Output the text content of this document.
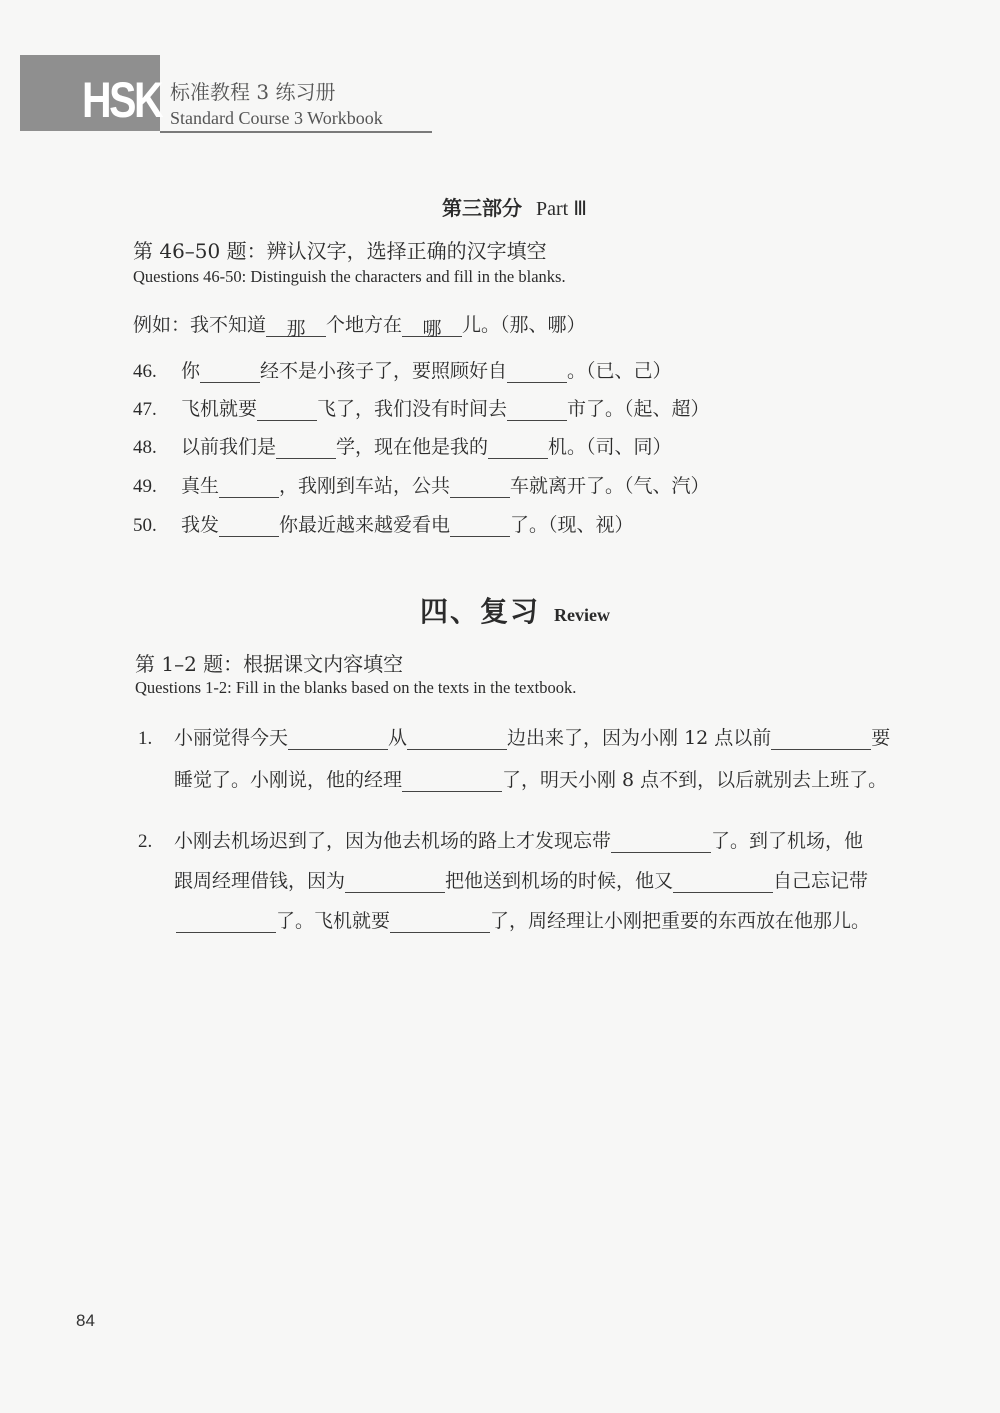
HSK 标准教程 3 练习册
Standard Course 3 Workbook
第三部分 Part Ⅲ
第 46–50 题：辨认汉字，选择正确的汉字填空
Questions 46-50: Distinguish the characters and fill in the blanks.
例如：我不知道 那 个地方在 哪 儿。（那、哪）
46. 你	经不是小孩子了，要照顾好自	。（已、己）
47. 飞机就要	飞了，我们没有时间去	市了。（起、超）
48. 以前我们是	学，现在他是我的	机。（司、同）
49. 真生	，我刚到车站，公共	车就离开了。（气、汽）
50. 我发	你最近越来越爱看电	了。（现、视）
四、复习 Review
第 1–2 题：根据课文内容填空
Questions 1-2: Fill in the blanks based on the texts in the textbook.
1. 小丽觉得今天	从	边出来了，因为小刚 12 点以前	要
睡觉了。小刚说，他的经理	了，明天小刚 8 点不到，以后就别去上班了。
2. 小刚去机场迟到了，因为他去机场的路上才发现忘带	了。到了机场，他
跟周经理借钱，因为	把他送到机场的时候，他又	自己忘记带
了。飞机就要	了，周经理让小刚把重要的东西放在他那儿。
84
